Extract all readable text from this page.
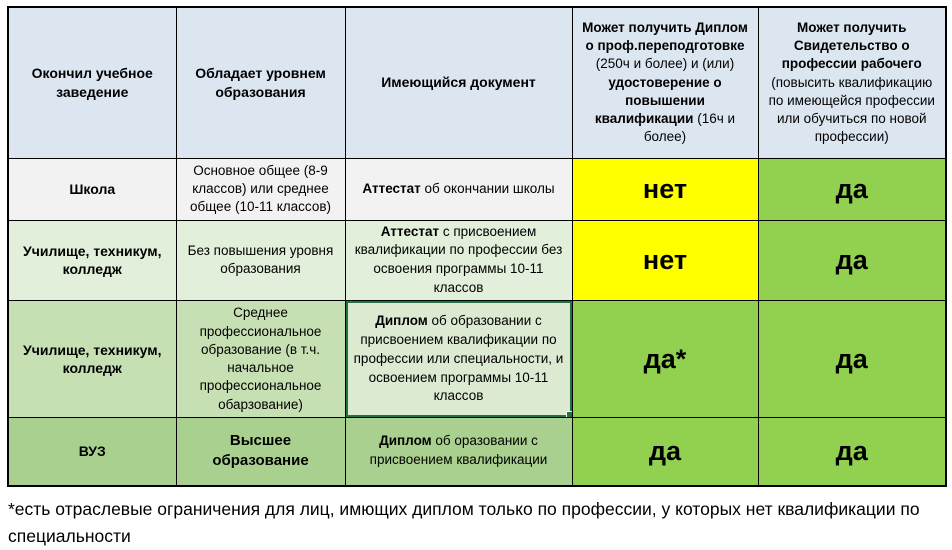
Окончил учебное заведение	Обладает уровнем образования	Имеющийся документ	Может получить Диплом о проф.переподготовке (250ч и более) и (или) удостоверение о повышении квалификации (16ч и более)	Может получить Свидетельство о профессии рабочего (повысить квалификацию по имеющейся профессии или обучиться по новой профессии)
Школа	Основное общее (8-9 классов) или среднее общее (10-11 классов)	Аттестат об окончании школы	нет	да
Училище, техникум, колледж	Без повышения уровня образования	Аттестат с присвоением квалификации по профессии без освоения программы 10-11 классов	нет	да
Училище, техникум, колледж	Среднее профессиональное образование (в т.ч. начальное профессиональное обарзование)	Диплом об образовании с присвоением квалификации по профессии или специальности, и освоением программы 10-11 классов	да*	да
ВУЗ	Высшее образование	Диплом об оразовании с присвоением квалификации	да	да

*есть отраслевые ограничения для лиц, имющих диплом только по профессии, у которых нет квалификации по специальности
